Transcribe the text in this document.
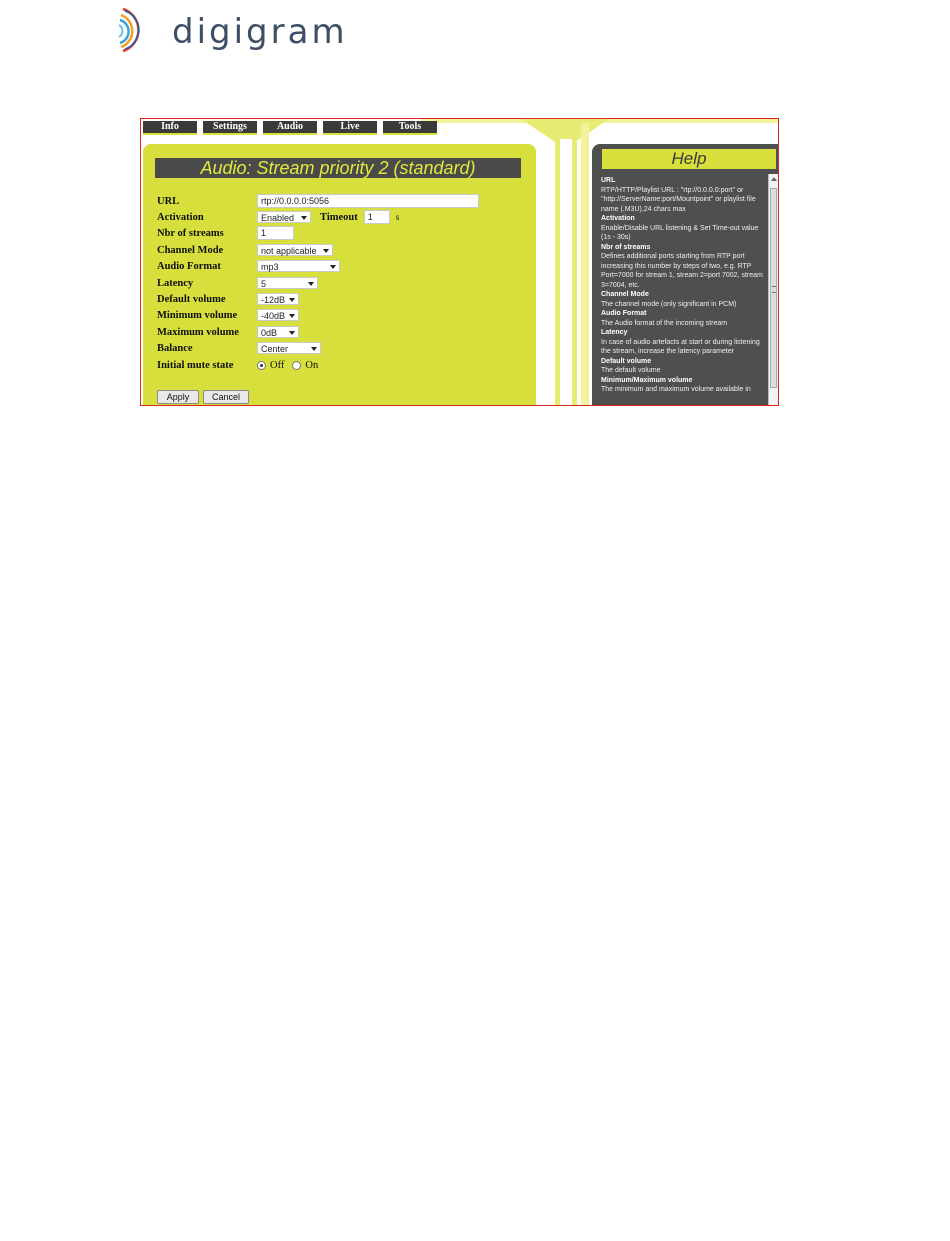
digigram
Info	Settings	Audio	Live	Tools
Audio: Stream priority 2 (standard)
URL	rtp://0.0.0.0:5056
Activation	Enabled	Timeout	1	s
Nbr of streams	1
Channel Mode	not applicable
Audio Format	mp3
Latency	5
Default volume	-12dB
Minimum volume	-40dB
Maximum volume	0dB
Balance	Center
Initial mute state	Off On
Apply	Cancel
Help
URL
RTP/HTTP/Playlist URL : "rtp://0.0.0.0:port" or "http://ServerName:port/Mountpoint" or playlist file name (.M3U),24 chars max
Activation
Enable/Disable URL listening & Set Time-out value (1s - 30s)
Nbr of streams
Defines additional ports starting from RTP port increasing this number by steps of two, e.g. RTP Port=7000 for stream 1, stream 2=port 7002, stream 3=7004, etc.
Channel Mode
The channel mode (only significant in PCM)
Audio Format
The Audio format of the incoming stream
Latency
In case of audio artefacts at start or during listening the stream, increase the latency parameter
Default volume
The default volume
Minimum/Maximum volume
The minimum and maximum volume available in
